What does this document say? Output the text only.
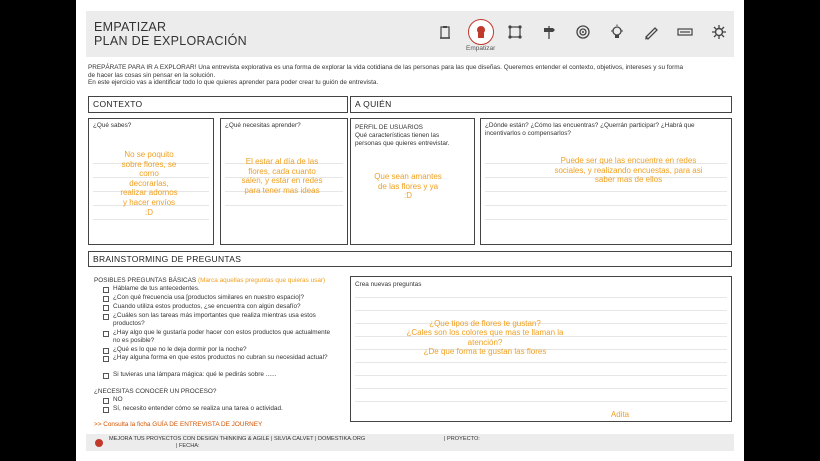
EMPATIZAR
PLAN DE EXPLORACIÓN
Empatizar
PREPÁRATE PARA IR A EXPLORAR! Una entrevista explorativa es una forma de explorar la vida cotidiana de las personas para las que diseñas. Queremos entender el contexto, objetivos, intereses y su forma
de hacer las cosas sin pensar en la solución.
En este ejercicio vas a identificar todo lo que quieres aprender para poder crear tu guión de entrevista.
CONTEXTO
¿Qué sabes?
No se poquito sobre flores, se como decorarlas, realizar adornos y hacer envíos :D
¿Qué necesitas aprender?
El estar al día de las flores, cada cuanto salen, y estar en redes para tener mas ideas
A QUIÉN
PERFIL DE USUARIOS
Qué características tienen las personas que quieres entrevistar.
Que sean amantes de las flores y ya :D
¿Dónde están? ¿Cómo las encuentras? ¿Querrán participar? ¿Habrá que incentivarlos o compensarlos?
Puede ser que las encuentre en redes sociales, y realizando encuestas, para asi saber mas de ellos
BRAINSTORMING DE PREGUNTAS
POSIBLES PREGUNTAS BÁSICAS (Marca aquellas preguntas que quieras usar)
Háblame de tus antecedentes.
¿Con qué frecuencia usa [productos similares en nuestro espacio]?
Cuando utiliza estos productos, ¿se encuentra con algún desafío?
¿Cuáles son las tareas más importantes que realiza mientras usa estos productos?
¿Hay algo que le gustaría poder hacer con estos productos que actualmente no es posible?
¿Qué es lo que no le deja dormir por la noche?
¿Hay alguna forma en que estos productos no cubran su necesidad actual?
Si tuvieras una lámpara mágica: qué le pedirás sobre ......
¿NECESITAS CONOCER UN PROCESO?
NO
Sí, necesito entender cómo se realiza una tarea o actividad.
>> Consulta la ficha GUÍA DE ENTREVISTA DE JOURNEY
Crea nuevas preguntas
¿Que tipos de flores te gustan?
¿Cales son los colores que mas te llaman la atención?
¿De que forma te gustan las flores
Adita
MEJORA TUS PROYECTOS CON DESIGN THINKING & AGILE | SILVIA CALVET | DOMESTIKA.ORG	| PROYECTO:
| FECHA:
